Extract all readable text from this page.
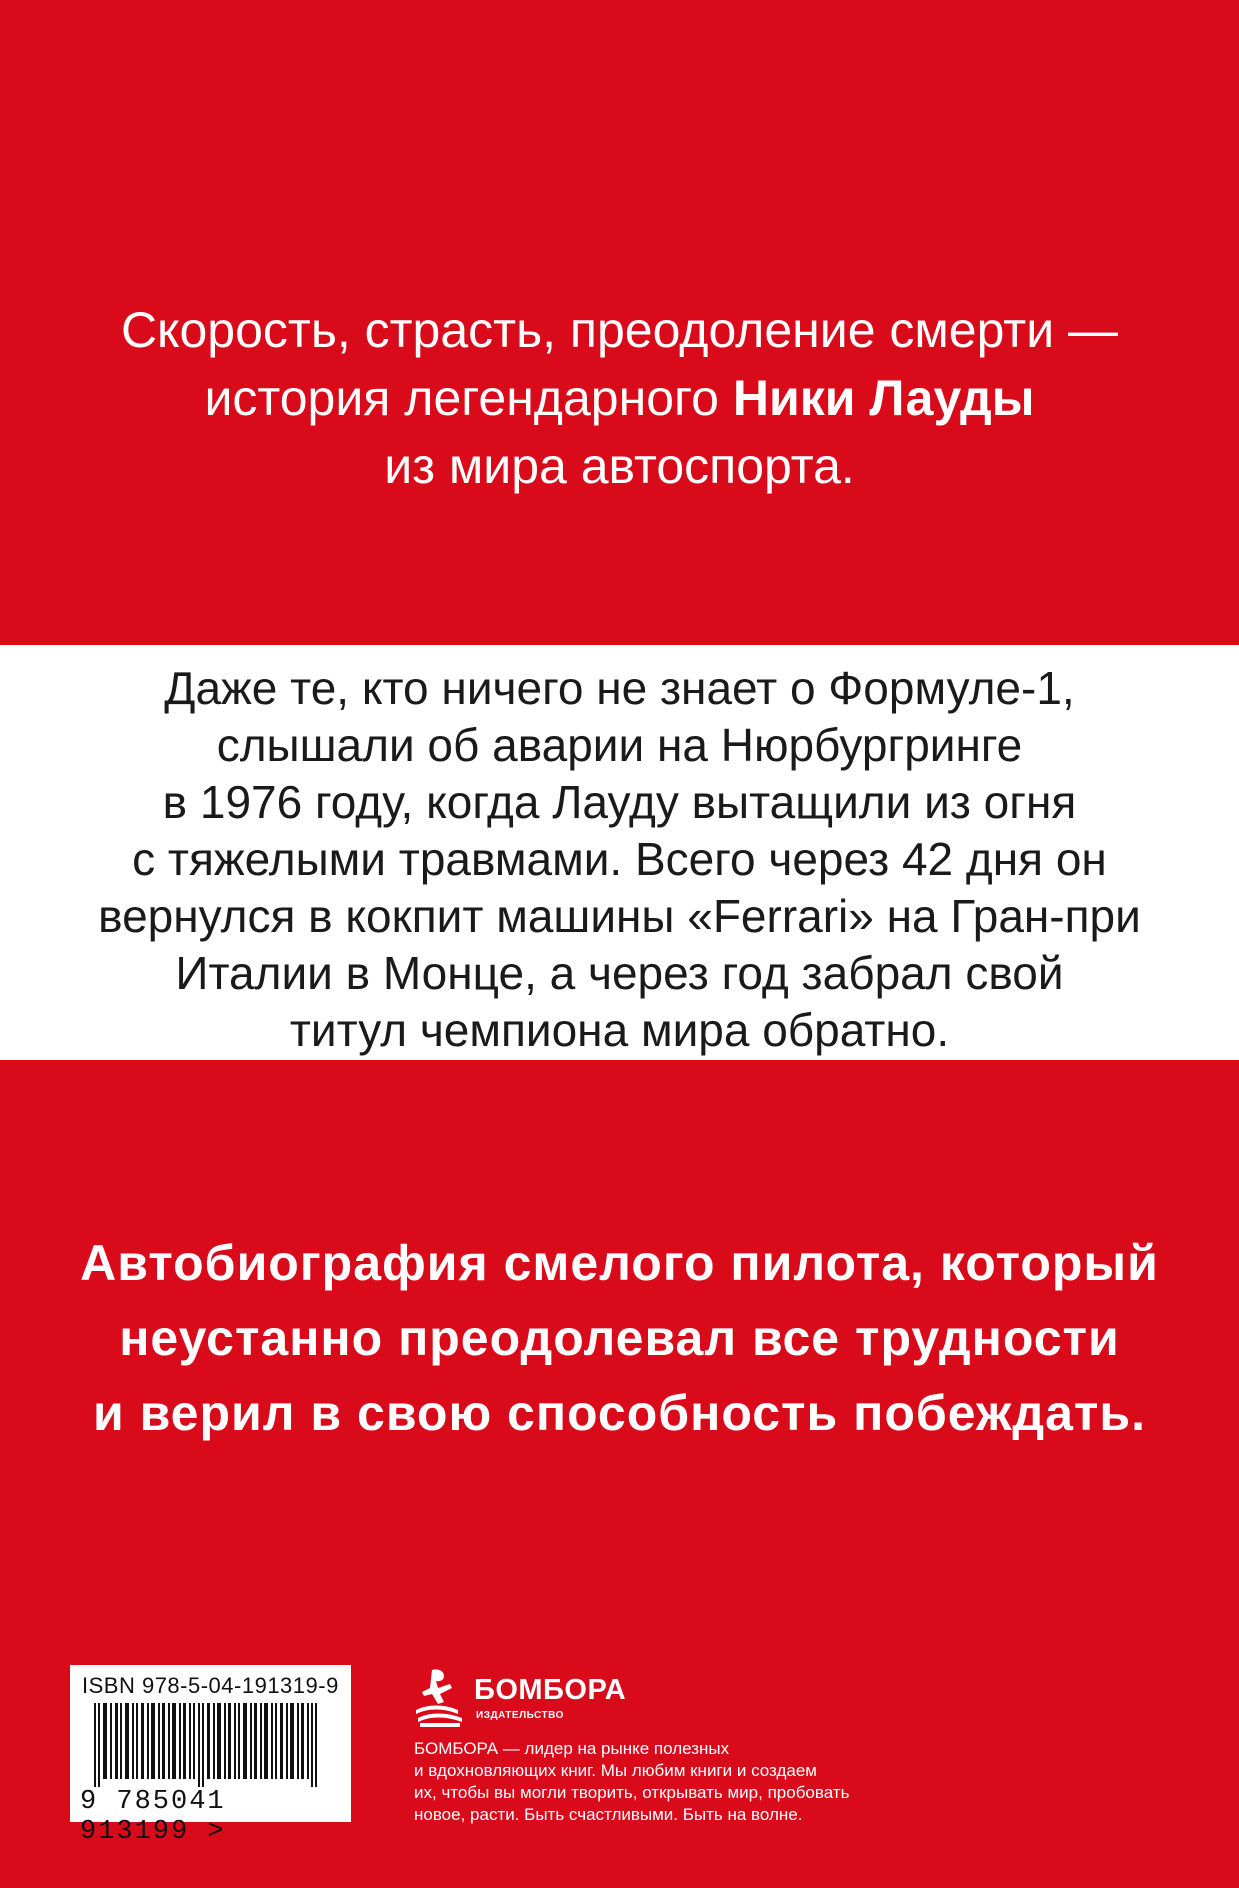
Скорость, страсть, преодоление смерти —
история легендарного Ники Лауды
из мира автоспорта.
Даже те, кто ничего не знает о Формуле-1,
слышали об аварии на Нюрбургринге
в 1976 году, когда Лауду вытащили из огня
с тяжелыми травмами. Всего через 42 дня он
вернулся в кокпит машины «Ferrari» на Гран-при
Италии в Монце, а через год забрал свой
титул чемпиона мира обратно.
Автобиография смелого пилота, который
неустанно преодолевал все трудности
и верил в свою способность побеждать.
ISBN 978-5-04-191319-9
9 785041 913199 >
БОМБОРА
ИЗДАТЕЛЬСТВО
БОМБОРА — лидер на рынке полезных
и вдохновляющих книг. Мы любим книги и создаем
их, чтобы вы могли творить, открывать мир, пробовать
новое, расти. Быть счастливыми. Быть на волне.
